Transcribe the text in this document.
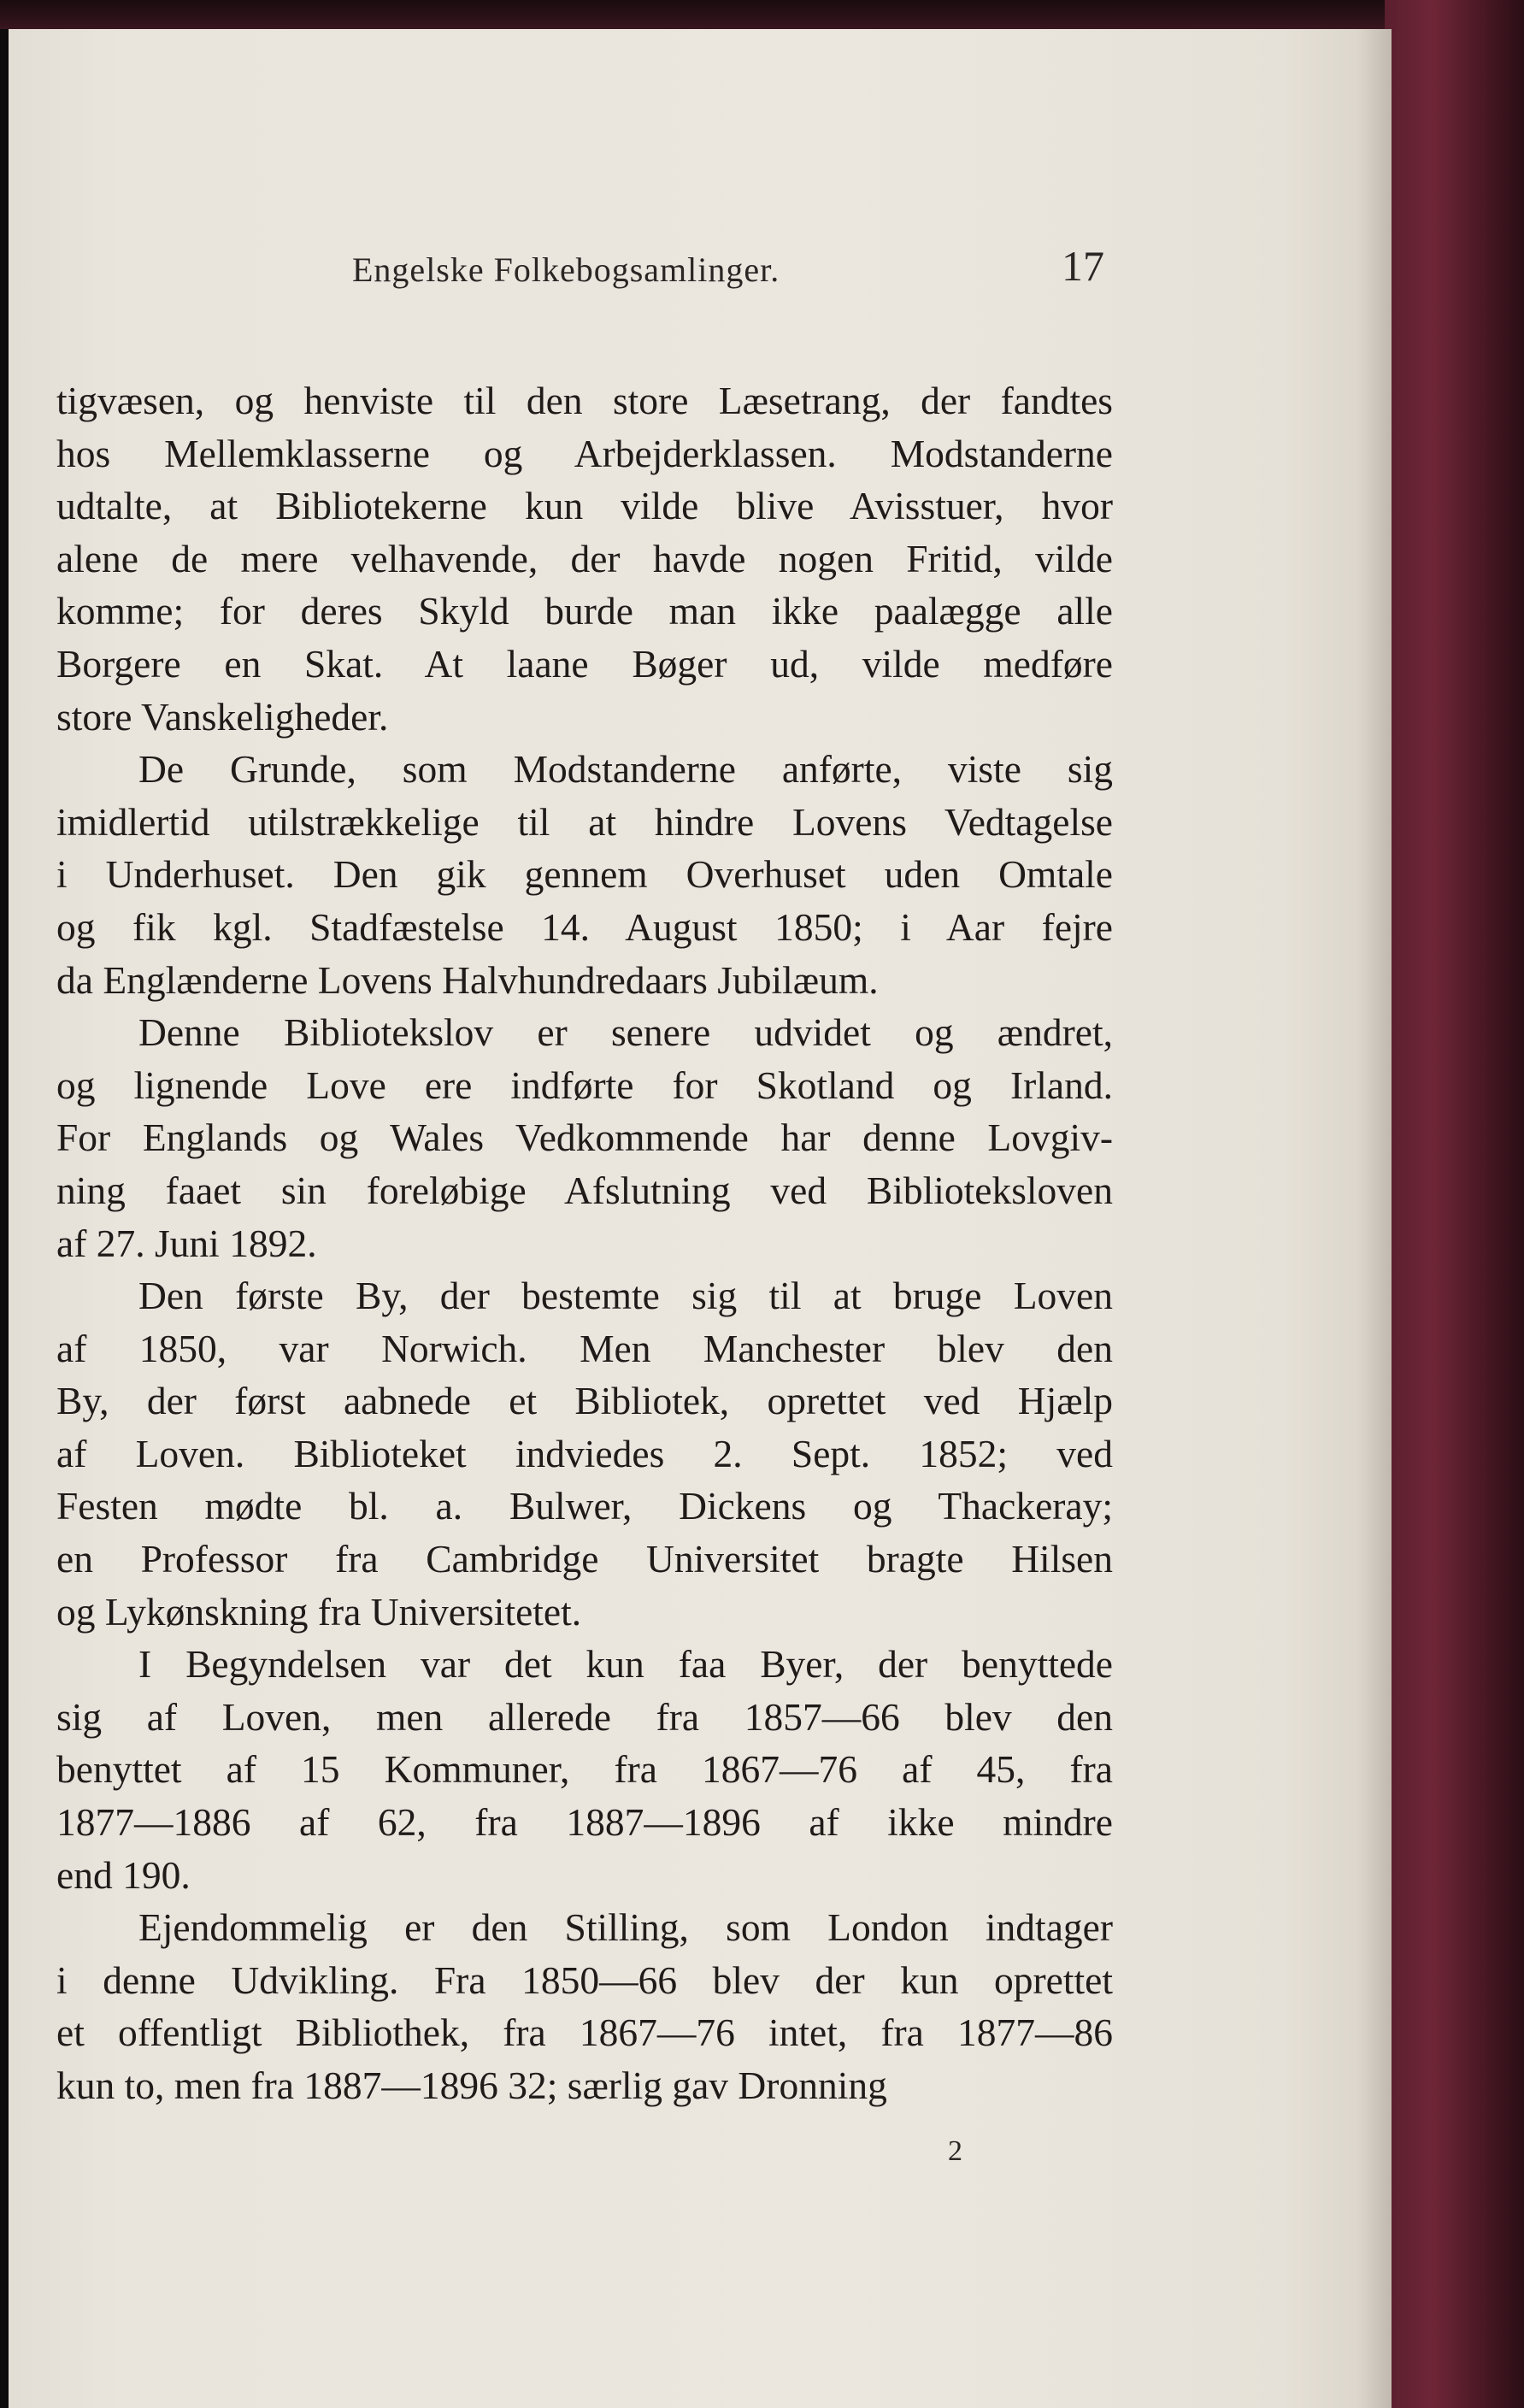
Engelske Folkebogsamlinger.	17
tigvæsen, og henviste til den store Læsetrang, der fandtes
hos Mellemklasserne og Arbejderklassen. Modstanderne
udtalte, at Bibliotekerne kun vilde blive Avisstuer, hvor
alene de mere velhavende, der havde nogen Fritid, vilde
komme; for deres Skyld burde man ikke paalægge alle
Borgere en Skat. At laane Bøger ud, vilde medføre
store Vanskeligheder.
De Grunde, som Modstanderne anførte, viste sig
imidlertid utilstrækkelige til at hindre Lovens Vedtagelse
i Underhuset. Den gik gennem Overhuset uden Omtale
og fik kgl. Stadfæstelse 14. August 1850; i Aar fejre
da Englænderne Lovens Halvhundredaars Jubilæum.
Denne Bibliotekslov er senere udvidet og ændret,
og lignende Love ere indførte for Skotland og Irland.
For Englands og Wales Vedkommende har denne Lovgiv-
ning faaet sin foreløbige Afslutning ved Biblioteksloven
af 27. Juni 1892.
Den første By, der bestemte sig til at bruge Loven
af 1850, var Norwich. Men Manchester blev den
By, der først aabnede et Bibliotek, oprettet ved Hjælp
af Loven. Biblioteket indviedes 2. Sept. 1852; ved
Festen mødte bl. a. Bulwer, Dickens og Thackeray;
en Professor fra Cambridge Universitet bragte Hilsen
og Lykønskning fra Universitetet.
I Begyndelsen var det kun faa Byer, der benyttede
sig af Loven, men allerede fra 1857—66 blev den
benyttet af 15 Kommuner, fra 1867—76 af 45, fra
1877—1886 af 62, fra 1887—1896 af ikke mindre
end 190.
Ejendommelig er den Stilling, som London indtager
i denne Udvikling. Fra 1850—66 blev der kun oprettet
et offentligt Bibliothek, fra 1867—76 intet, fra 1877—86
kun to, men fra 1887—1896 32; særlig gav Dronning
2
